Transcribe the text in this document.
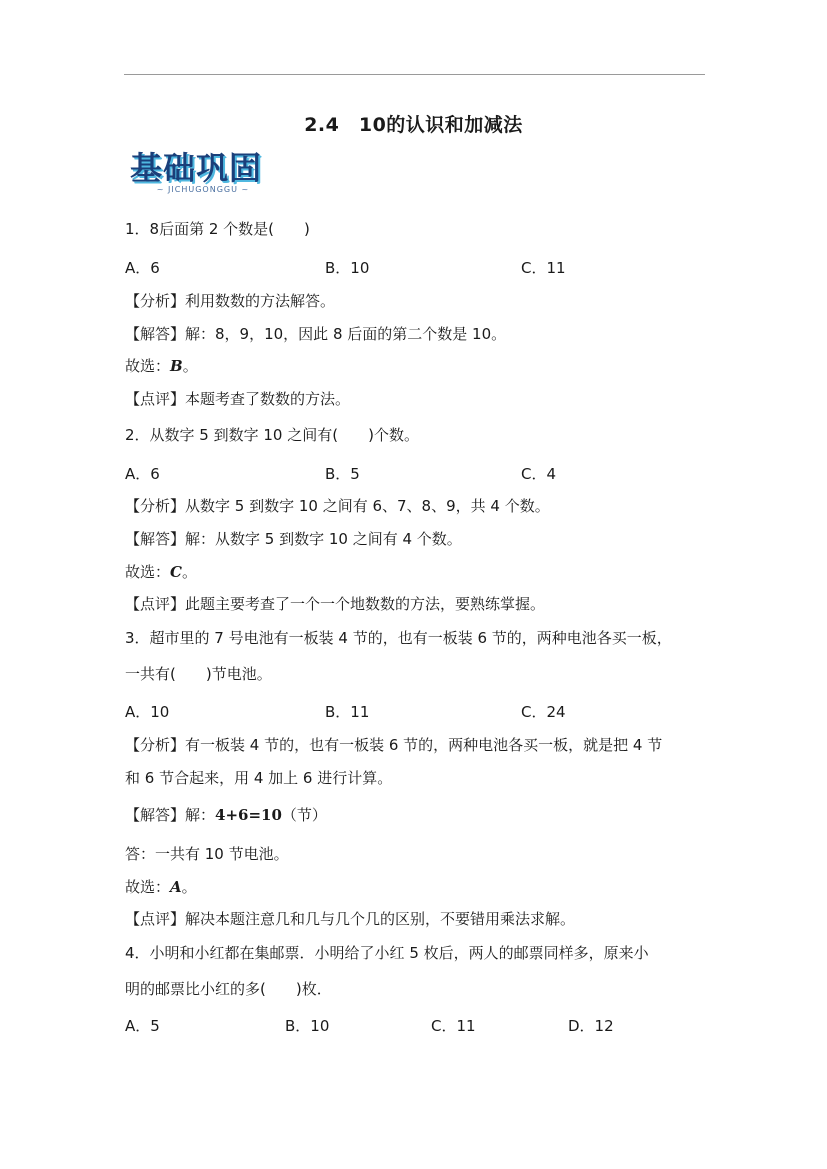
2.4　10的认识和加减法
基础巩固
~ JICHUGONGGU ~
1．8后面第 2 个数是(　　)
A．6	B．10	C．11
【分析】利用数数的方法解答。
【解答】解：8，9，10，因此 8 后面的第二个数是 10。
故选：B。
【点评】本题考查了数数的方法。
2．从数字 5 到数字 10 之间有(　　)个数。
A．6	B．5	C．4
【分析】从数字 5 到数字 10 之间有 6、7、8、9，共 4 个数。
【解答】解：从数字 5 到数字 10 之间有 4 个数。
故选：C。
【点评】此题主要考查了一个一个地数数的方法，要熟练掌握。
3．超市里的 7 号电池有一板装 4 节的，也有一板装 6 节的，两种电池各买一板，
一共有(　　)节电池。
A．10	B．11	C．24
【分析】有一板装 4 节的，也有一板装 6 节的，两种电池各买一板，就是把 4 节
和 6 节合起来，用 4 加上 6 进行计算。
【解答】解：4+6=10（节）
答：一共有 10 节电池。
故选：A。
【点评】解决本题注意几和几与几个几的区别，不要错用乘法求解。
4．小明和小红都在集邮票．小明给了小红 5 枚后，两人的邮票同样多，原来小
明的邮票比小红的多(　　)枚．
A．5	B．10	C．11	D．12
